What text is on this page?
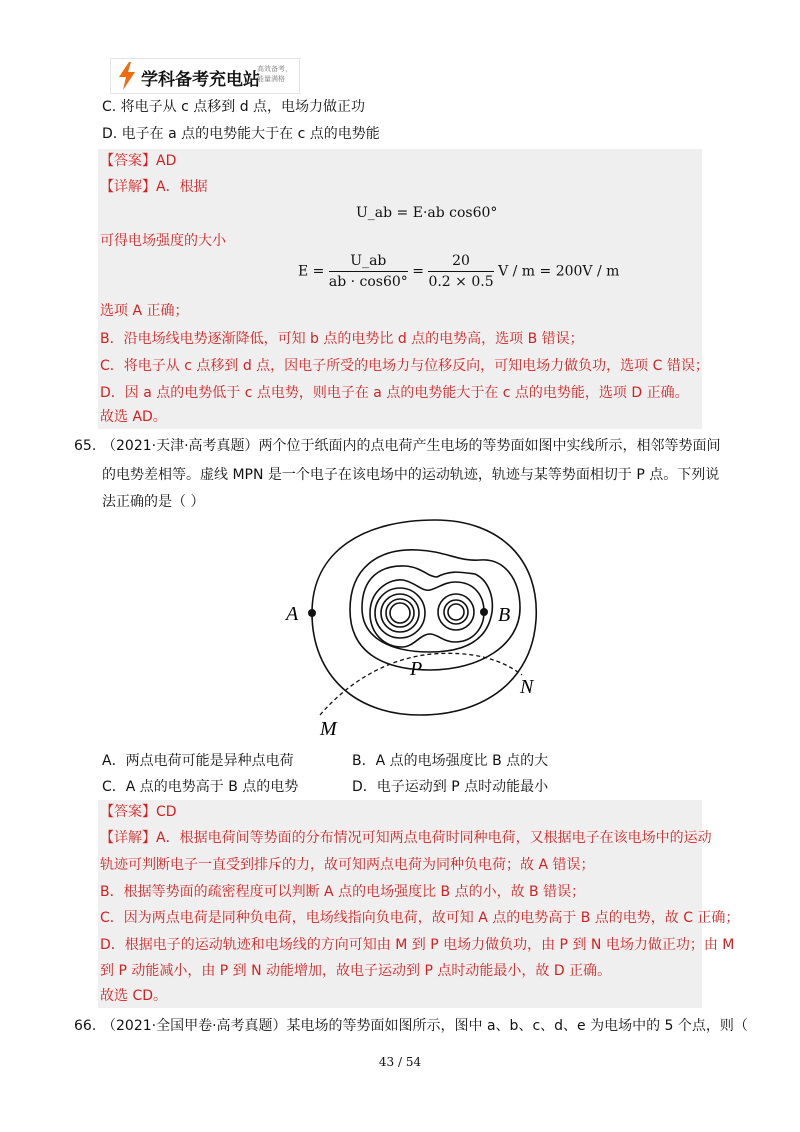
学科备考充电站
高效备考，能量满格
C. 将电子从 c 点移到 d 点，电场力做正功
D. 电子在 a 点的电势能大于在 c 点的电势能
【答案】AD
【详解】A．根据
U_ab = E·ab cos60°
可得电场强度的大小
$E = \frac{U\_ab}{ab \cdot \cos 60^\circ} = \frac{20}{0.2 \times 0.5}$ V / m = 200V / m
选项 A 正确；
B．沿电场线电势逐渐降低，可知 b 点的电势比 d 点的电势高，选项 B 错误；
C．将电子从 c 点移到 d 点，因电子所受的电场力与位移反向，可知电场力做负功，选项 C 错误；
D．因 a 点的电势低于 c 点电势，则电子在 a 点的电势能大于在 c 点的电势能，选项 D 正确。
故选 AD。
65. （2021·天津·高考真题）两个位于纸面内的点电荷产生电场的等势面如图中实线所示，相邻等势面间
的电势差相等。虚线 MPN 是一个电子在该电场中的运动轨迹，轨迹与某等势面相切于 P 点。下列说
法正确的是（ ）
A	B
P
N
M
A．两点电荷可能是异种点电荷	B．A 点的电场强度比 B 点的大
C．A 点的电势高于 B 点的电势	D．电子运动到 P 点时动能最小
【答案】CD
【详解】A．根据电荷间等势面的分布情况可知两点电荷时同种电荷，又根据电子在该电场中的运动
轨迹可判断电子一直受到排斥的力，故可知两点电荷为同种负电荷；故 A 错误；
B．根据等势面的疏密程度可以判断 A 点的电场强度比 B 点的小，故 B 错误；
C．因为两点电荷是同种负电荷，电场线指向负电荷，故可知 A 点的电势高于 B 点的电势，故 C 正确；
D．根据电子的运动轨迹和电场线的方向可知由 M 到 P 电场力做负功，由 P 到 N 电场力做正功；由 M
到 P 动能减小，由 P 到 N 动能增加，故电子运动到 P 点时动能最小，故 D 正确。
故选 CD。
66. （2021·全国甲卷·高考真题）某电场的等势面如图所示，图中 a、b、c、d、e 为电场中的 5 个点，则（
43 / 54
